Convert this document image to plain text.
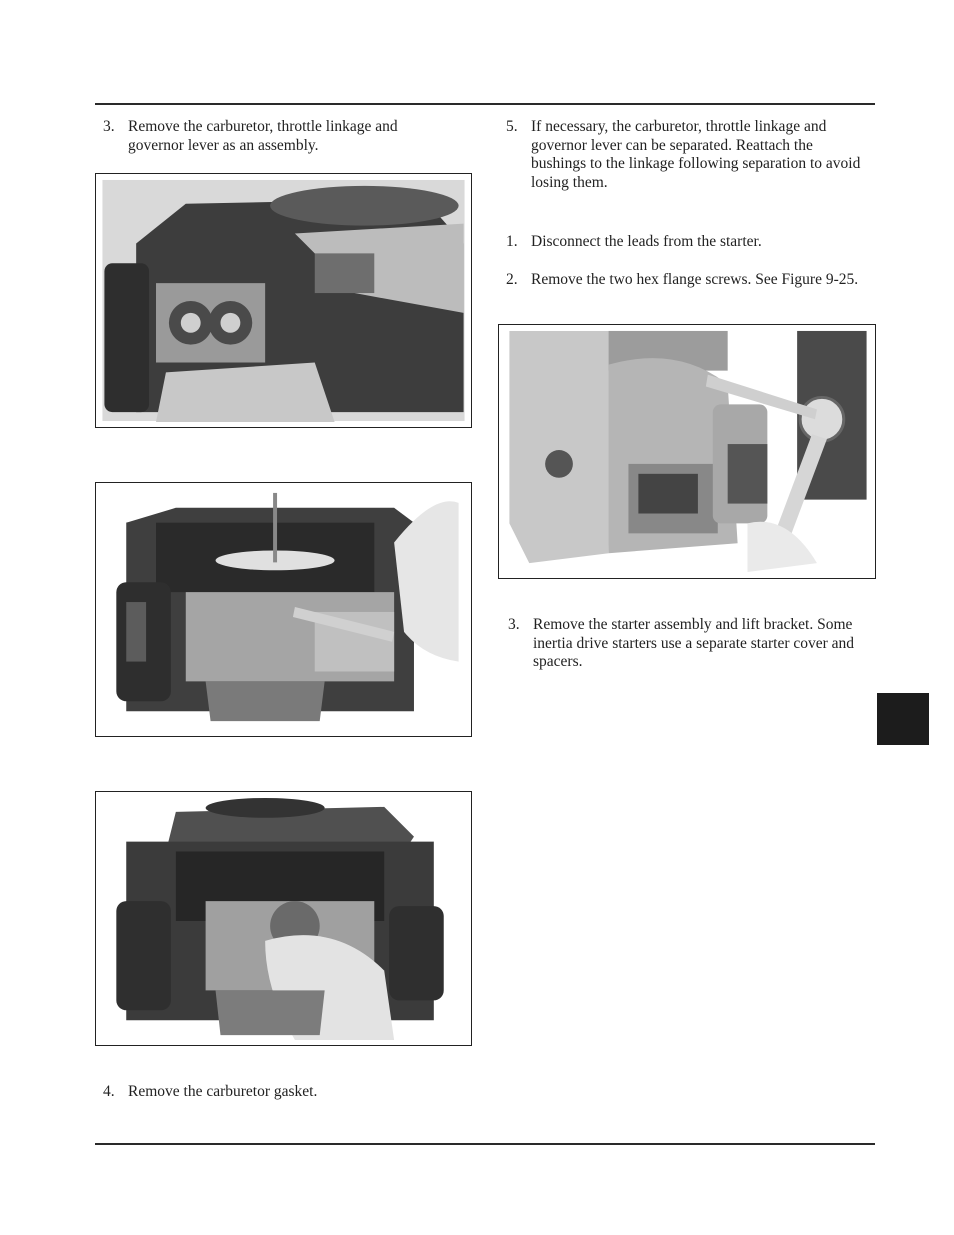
3. Remove the carburetor, throttle linkage and governor lever as an assembly.
4. Remove the carburetor gasket.
5. If necessary, the carburetor, throttle linkage and governor lever can be separated. Reattach the bushings to the linkage following separation to avoid losing them.
1. Disconnect the leads from the starter.
2. Remove the two hex flange screws. See Figure 9-25.
3. Remove the starter assembly and lift bracket. Some inertia drive starters use a separate starter cover and spacers.
